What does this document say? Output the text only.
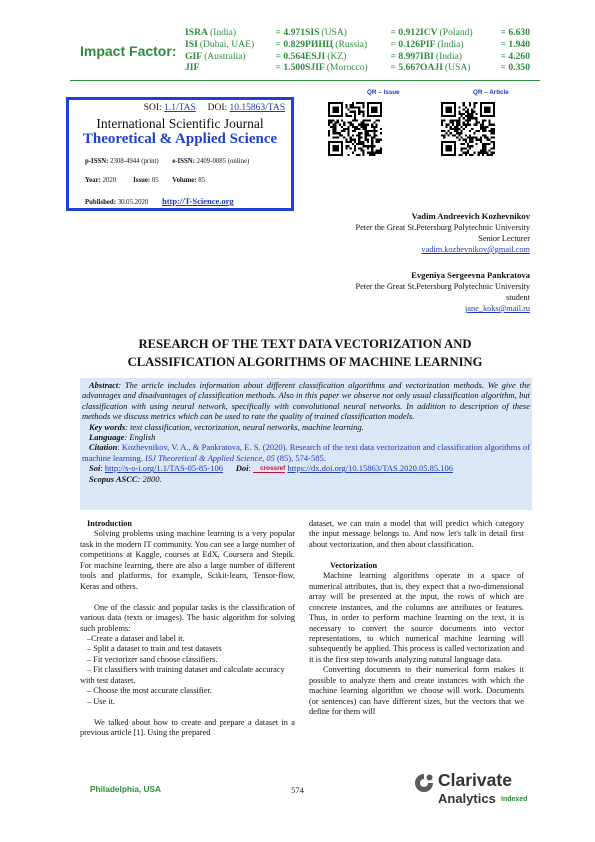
Impact Factor:
ISRA (India)	= 4.971 SIS (USA)	= 0.912 ICV (Poland)	= 6.630
ISI (Dubai, UAE) = 0.829 РИНЦ (Russia) = 0.126 PIF (India)	= 1.940
GIF (Australia)	= 0.564 ESJI (KZ)	= 8.997 IBI (India)	= 4.260
JIF	= 1.500 SJIF (Morocco) = 5.667 OAJI (USA)	= 0.350
SOI: 1.1/TAS DOI: 10.15863/TAS
International Scientific Journal
Theoretical & Applied Science
p-ISSN: 2308-4944 (print) e-ISSN: 2409-0085 (online)
Year: 2020	Issue: 05 Volume: 85
Published: 30.05.2020 http://T-Science.org
QR – Issue	QR – Article
Vadim Andreevich Kozhevnikov
Peter the Great St.Petersburg Polytechnic University
Senior Lecturer
vadim.kozhevnikov@gmail.com
Evgeniya Sergeevna Pankratova
Peter the Great St.Petersburg Polytechnic University
student
jane_koks@mail.ru
RESEARCH OF THE TEXT DATA VECTORIZATION AND
CLASSIFICATION ALGORITHMS OF MACHINE LEARNING

Abstract: The article includes information about different classification algorithms and vectorization methods. We give the advantages and disadvantages of classification methods. Also in this paper we observe not only usual classification algorithm, but classification with using neural network, specifically with convolutional neural networks. In addition to description of these methods we discuss metrics which can be used to rate the quality of trained classification models.

Key words: text classification, vectorization, neural networks, machine learning.

Language: English

Citation: Kozhevnikov, V. A., & Pankratova, E. S. (2020). Research of the text data vectorization and classification algorithms of machine learning. ISJ Theoretical & Applied Science, 05 (85), 574-585.

Soi: http://s-o-i.org/1.1/TAS-05-85-106 Doi: crossref https://dx.doi.org/10.15863/TAS.2020.05.85.106

Scopus ASCC: 2800.

Introduction

Solving problems using machine learning is a very popular task in the modern IT community. You can see a large number of competitions at Kaggle, courses at EdX, Coursera and Stepik. For machine learning, there are also a large number of different tools and platforms, for example, Scikit-learn, Tensor-flow, Keras and others.

One of the classic and popular tasks is the classification of various data (texts or images). The basic algorithm for solving such problems:

–Create a dataset and label it.

– Split a dataset to train and test datasets

– Fit vectorizer sand choose classifiers.

– Fit classifiers with training dataset and calculate accuracy with test dataset.

– Choose the most accurate classifier.

– Use it.

We talked about how to create and prepare a dataset in a previous article [1]. Using the prepared

dataset, we can train a model that will predict which category the input message belongs to. And now let's talk in detail first about vectorization, and then about classification.

Vectorization

Machine learning algorithms operate in a space of numerical attributes, that is, they expect that a two-dimensional array will be presented at the input, the rows of which are concrete instances, and the columns are attributes or features. Thus, in order to perform machine learning on the text, it is necessary to convert the source documents into vector representations, to which numerical machine learning will subsequently be applied. This process is called vectorization and it is the first step towards analyzing natural language data.

Converting documents to their numerical form makes it possible to analyze them and create instances with which the machine learning algorithm we choose will work. Documents (or sentences) can have different sizes, but the vectors that we define for them will

Philadelphia, USA	574	Clarivate
Analytics Indexed
